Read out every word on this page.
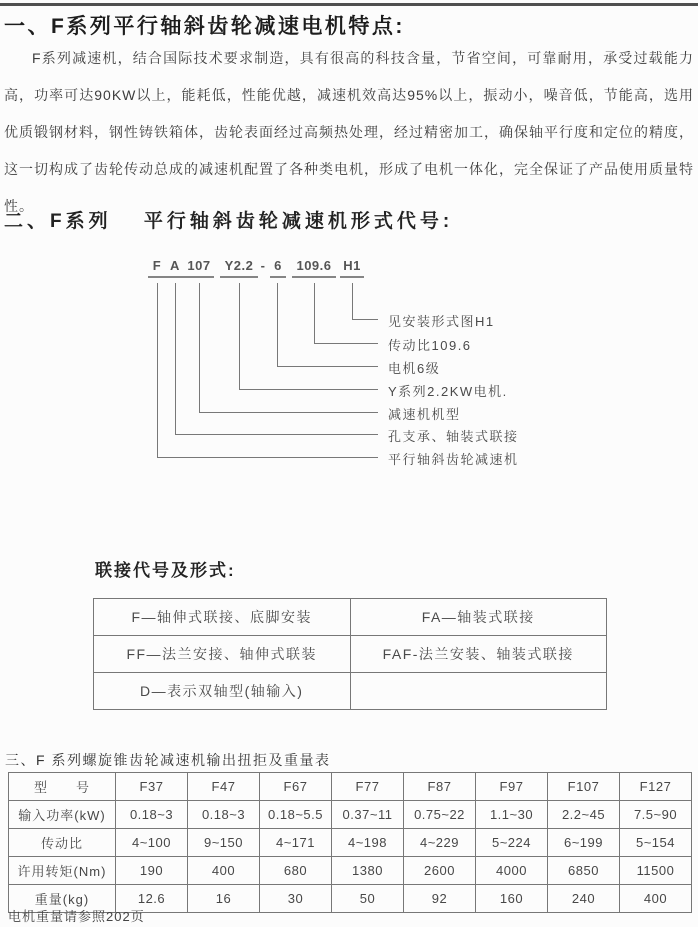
一、F系列平行轴斜齿轮减速电机特点:
F系列减速机，结合国际技术要求制造，具有很高的科技含量，节省空间，可靠耐用，承受过载能力高，功率可达90KW以上，能耗低，性能优越，减速机效高达95%以上，振动小，噪音低，节能高，选用优质锻钢材料，钢性铸铁箱体，齿轮表面经过高频热处理，经过精密加工，确保轴平行度和定位的精度，这一切构成了齿轮传动总成的减速机配置了各种类电机，形成了电机一体化，完全保证了产品使用质量特性。
二、F系列　 平行轴斜齿轮减速机形式代号:
F A 107	Y2.2 - 6	109.6 H1
见安装形式图H1
传动比109.6
电机6级
Y系列2.2KW电机.
减速机机型
孔支承、轴装式联接
平行轴斜齿轮减速机
联接代号及形式:
F—轴伸式联接、底脚安装	FA—轴装式联接
FF—法兰安接、轴伸式联装	FAF-法兰安装、轴装式联接
D—表示双轴型(轴输入)	
三、F 系列螺旋锥齿轮减速机输出扭拒及重量表
型　　号	F37	F47	F67	F77	F87	F97	F107	F127
输入功率(kW)	0.18~3	0.18~3	0.18~5.5	0.37~11	0.75~22	1.1~30	2.2~45	7.5~90
传动比	4~100	9~150	4~171	4~198	4~229	5~224	6~199	5~154
许用转矩(Nm)	190	400	680	1380	2600	4000	6850	11500
重量(kg)	12.6	16	30	50	92	160	240	400
电机重量请参照202页
